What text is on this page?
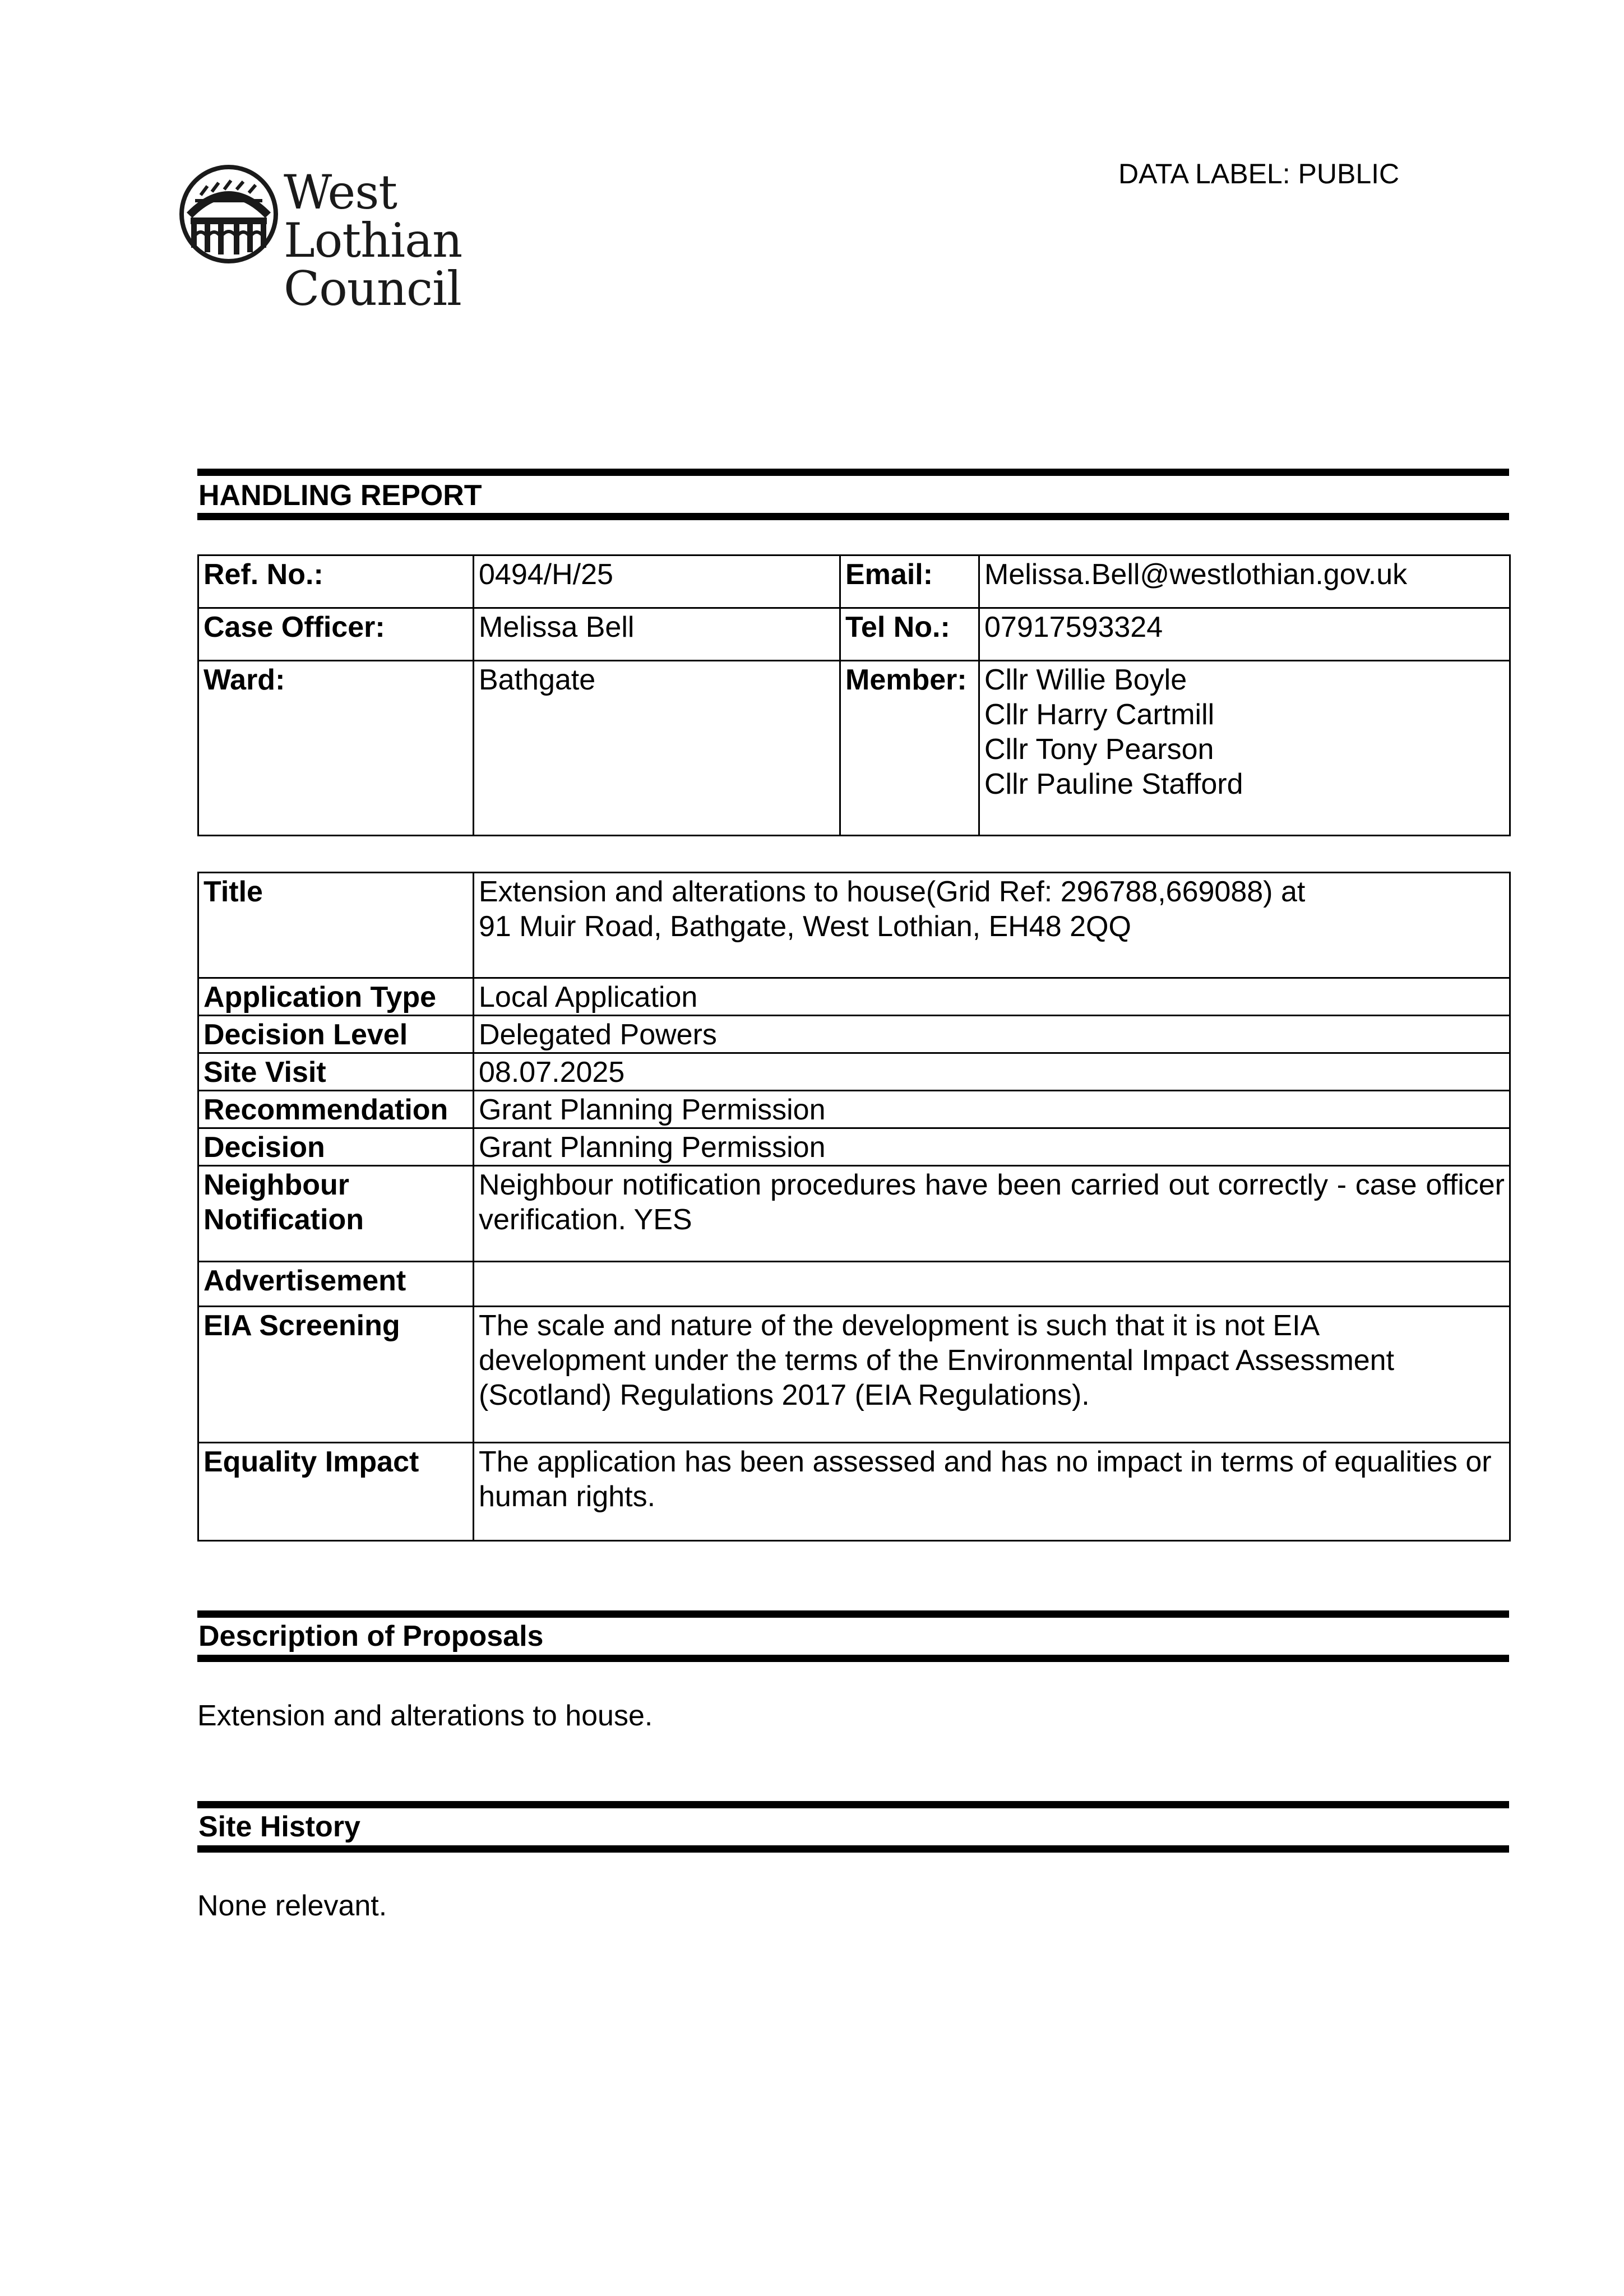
West Lothian
Council
DATA LABEL: PUBLIC
HANDLING REPORT
Ref. No.:	0494/H/25	Email:	Melissa.Bell@westlothian.gov.uk
Case Officer:	Melissa Bell	Tel No.:	07917593324
Ward:	Bathgate	Member:	Cllr Willie Boyle
Cllr Harry Cartmill
Cllr Tony Pearson
Cllr Pauline Stafford
Title	Extension and alterations to house(Grid Ref: 296788,669088) at
91 Muir Road, Bathgate, West Lothian, EH48 2QQ

Application Type	Local Application
Decision Level	Delegated Powers
Site Visit	08.07.2025
Recommendation	Grant Planning Permission
Decision	Grant Planning Permission

Neighbour
Notification	Neighbour notification procedures have been carried out correctly - case officer verification. YES
Advertisement	
EIA Screening	The scale and nature of the development is such that it is not EIA development under the terms of the Environmental Impact Assessment (Scotland) Regulations 2017 (EIA Regulations).
Equality Impact	The application has been assessed and has no impact in terms of equalities or human rights.
Description of Proposals
Extension and alterations to house.
Site History
None relevant.
